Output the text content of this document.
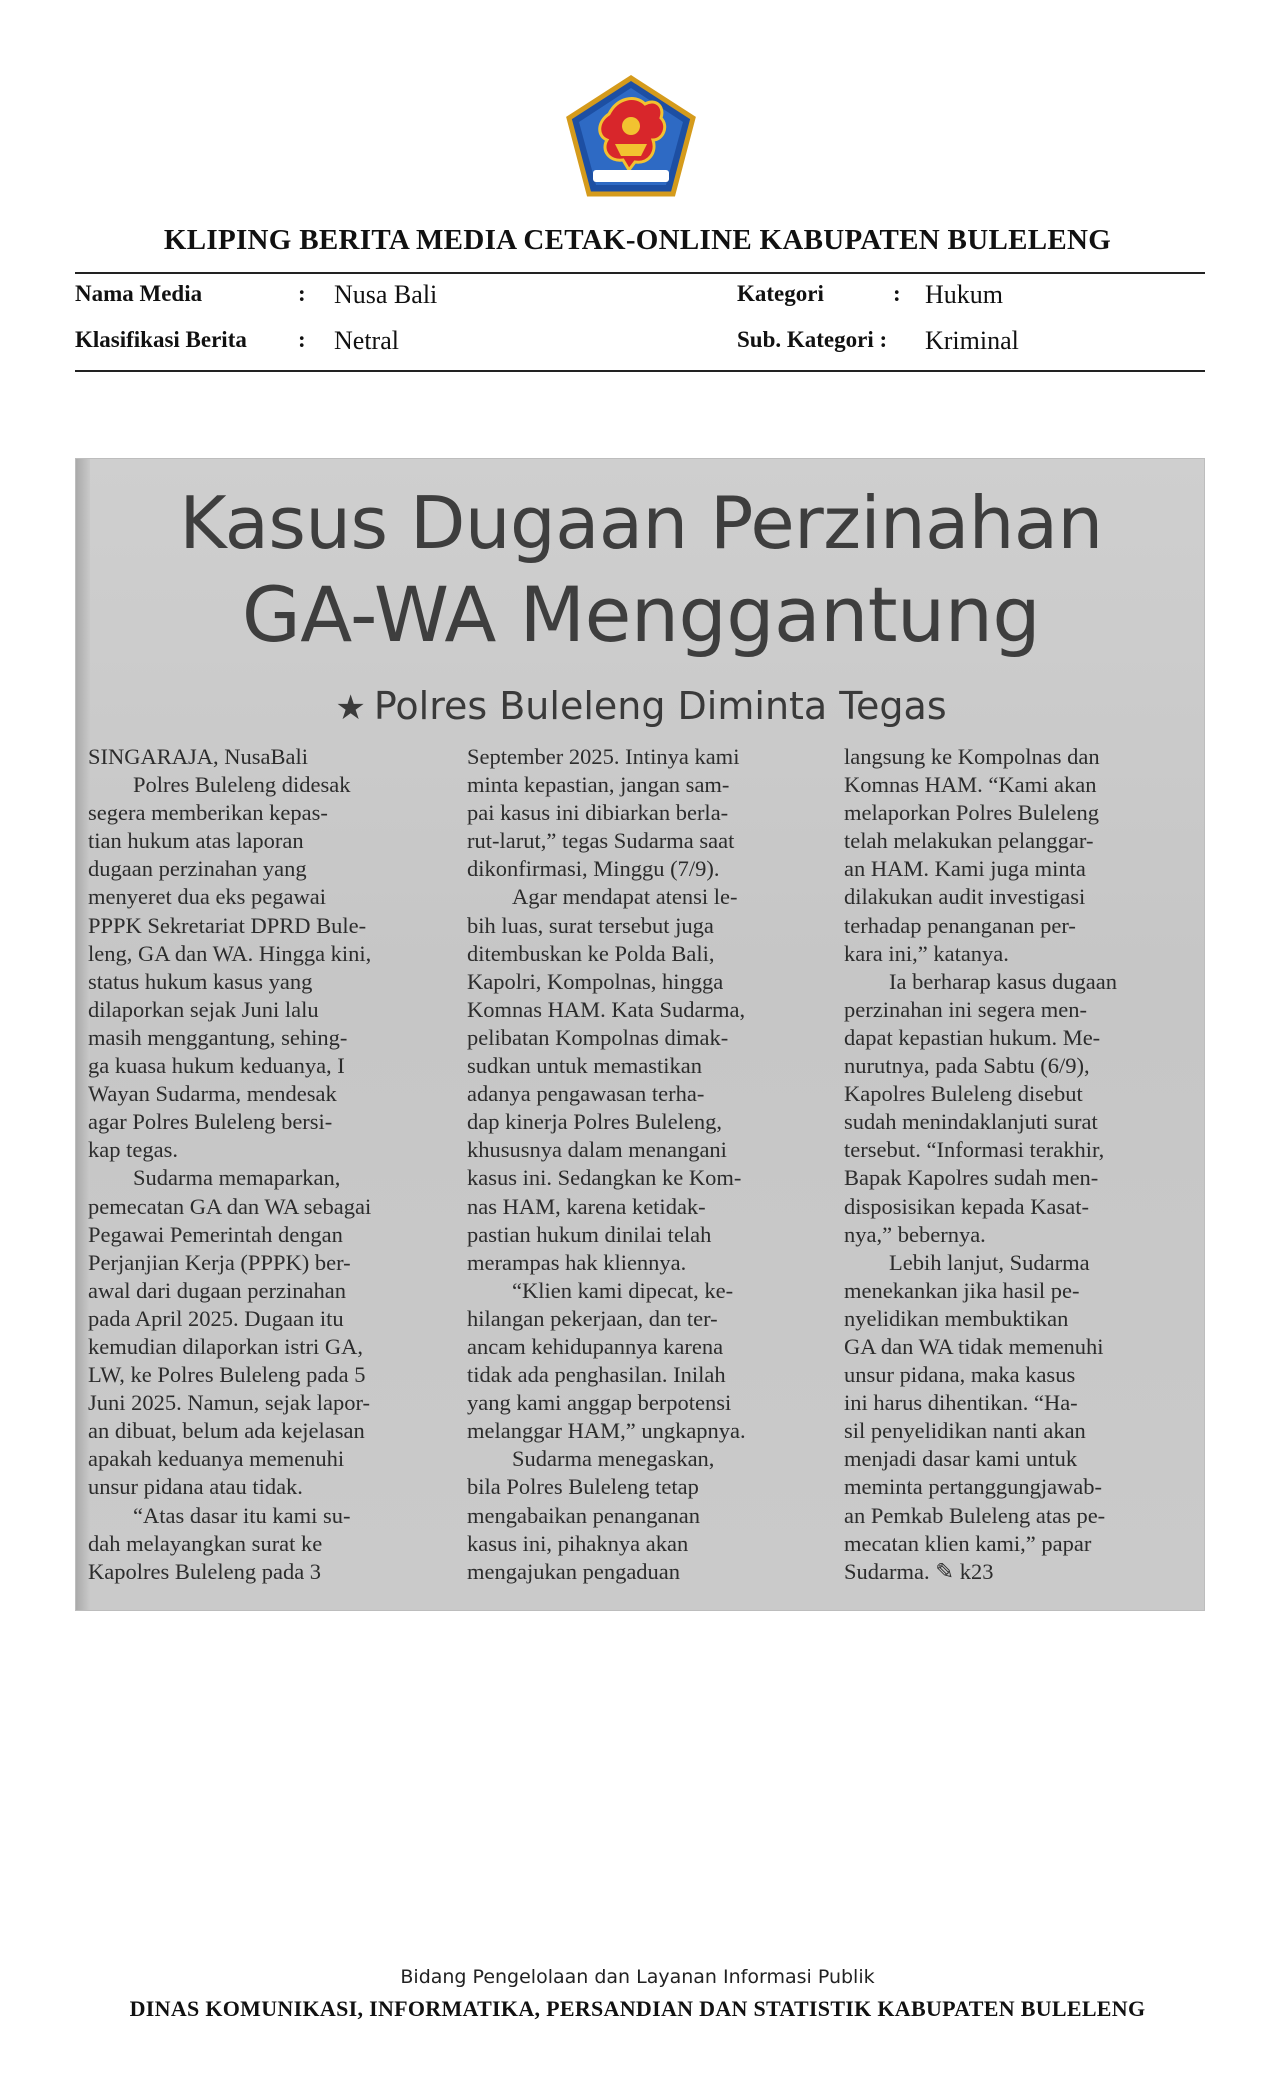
KLIPING BERITA MEDIA CETAK-ONLINE KABUPATEN BULELENG
Nama Media	: Nusa Bali
Klasifikasi Berita : Netral
Kategori	: Hukum
Sub. Kategori : Kriminal
Kasus Dugaan Perzinahan
GA-WA Menggantung
★ Polres Buleleng Diminta Tegas
SINGARAJA, NusaBali
  Polres Buleleng didesak
segera memberikan kepas-
tian hukum atas laporan
dugaan perzinahan yang
menyeret dua eks pegawai
PPPK Sekretariat DPRD Bule-
leng, GA dan WA. Hingga kini,
status hukum kasus yang
dilaporkan sejak Juni lalu
masih menggantung, sehing-
ga kuasa hukum keduanya, I
Wayan Sudarma, mendesak
agar Polres Buleleng bersi-
kap tegas.
  Sudarma memaparkan,
pemecatan GA dan WA sebagai
Pegawai Pemerintah dengan
Perjanjian Kerja (PPPK) ber-
awal dari dugaan perzinahan
pada April 2025. Dugaan itu
kemudian dilaporkan istri GA,
LW, ke Polres Buleleng pada 5
Juni 2025. Namun, sejak lapor-
an dibuat, belum ada kejelasan
apakah keduanya memenuhi
unsur pidana atau tidak.
  “Atas dasar itu kami su-
dah melayangkan surat ke
Kapolres Buleleng pada 3
September 2025. Intinya kami
minta kepastian, jangan sam-
pai kasus ini dibiarkan berla-
rut-larut,” tegas Sudarma saat
dikonfirmasi, Minggu (7/9).
  Agar mendapat atensi le-
bih luas, surat tersebut juga
ditembuskan ke Polda Bali,
Kapolri, Kompolnas, hingga
Komnas HAM. Kata Sudarma,
pelibatan Kompolnas dimak-
sudkan untuk memastikan
adanya pengawasan terha-
dap kinerja Polres Buleleng,
khususnya dalam menangani
kasus ini. Sedangkan ke Kom-
nas HAM, karena ketidak-
pastian hukum dinilai telah
merampas hak kliennya.
  “Klien kami dipecat, ke-
hilangan pekerjaan, dan ter-
ancam kehidupannya karena
tidak ada penghasilan. Inilah
yang kami anggap berpotensi
melanggar HAM,” ungkapnya.
  Sudarma menegaskan,
bila Polres Buleleng tetap
mengabaikan penanganan
kasus ini, pihaknya akan
mengajukan pengaduan
langsung ke Kompolnas dan
Komnas HAM. “Kami akan
melaporkan Polres Buleleng
telah melakukan pelanggar-
an HAM. Kami juga minta
dilakukan audit investigasi
terhadap penanganan per-
kara ini,” katanya.
  Ia berharap kasus dugaan
perzinahan ini segera men-
dapat kepastian hukum. Me-
nurutnya, pada Sabtu (6/9),
Kapolres Buleleng disebut
sudah menindaklanjuti surat
tersebut. “Informasi terakhir,
Bapak Kapolres sudah men-
disposisikan kepada Kasat-
nya,” bebernya.
  Lebih lanjut, Sudarma
menekankan jika hasil pe-
nyelidikan membuktikan
GA dan WA tidak memenuhi
unsur pidana, maka kasus
ini harus dihentikan. “Ha-
sil penyelidikan nanti akan
menjadi dasar kami untuk
meminta pertanggungjawab-
an Pemkab Buleleng atas pe-
mecatan klien kami,” papar
Sudarma. ✎ k23
Bidang Pengelolaan dan Layanan Informasi Publik
DINAS KOMUNIKASI, INFORMATIKA, PERSANDIAN DAN STATISTIK KABUPATEN BULELENG
